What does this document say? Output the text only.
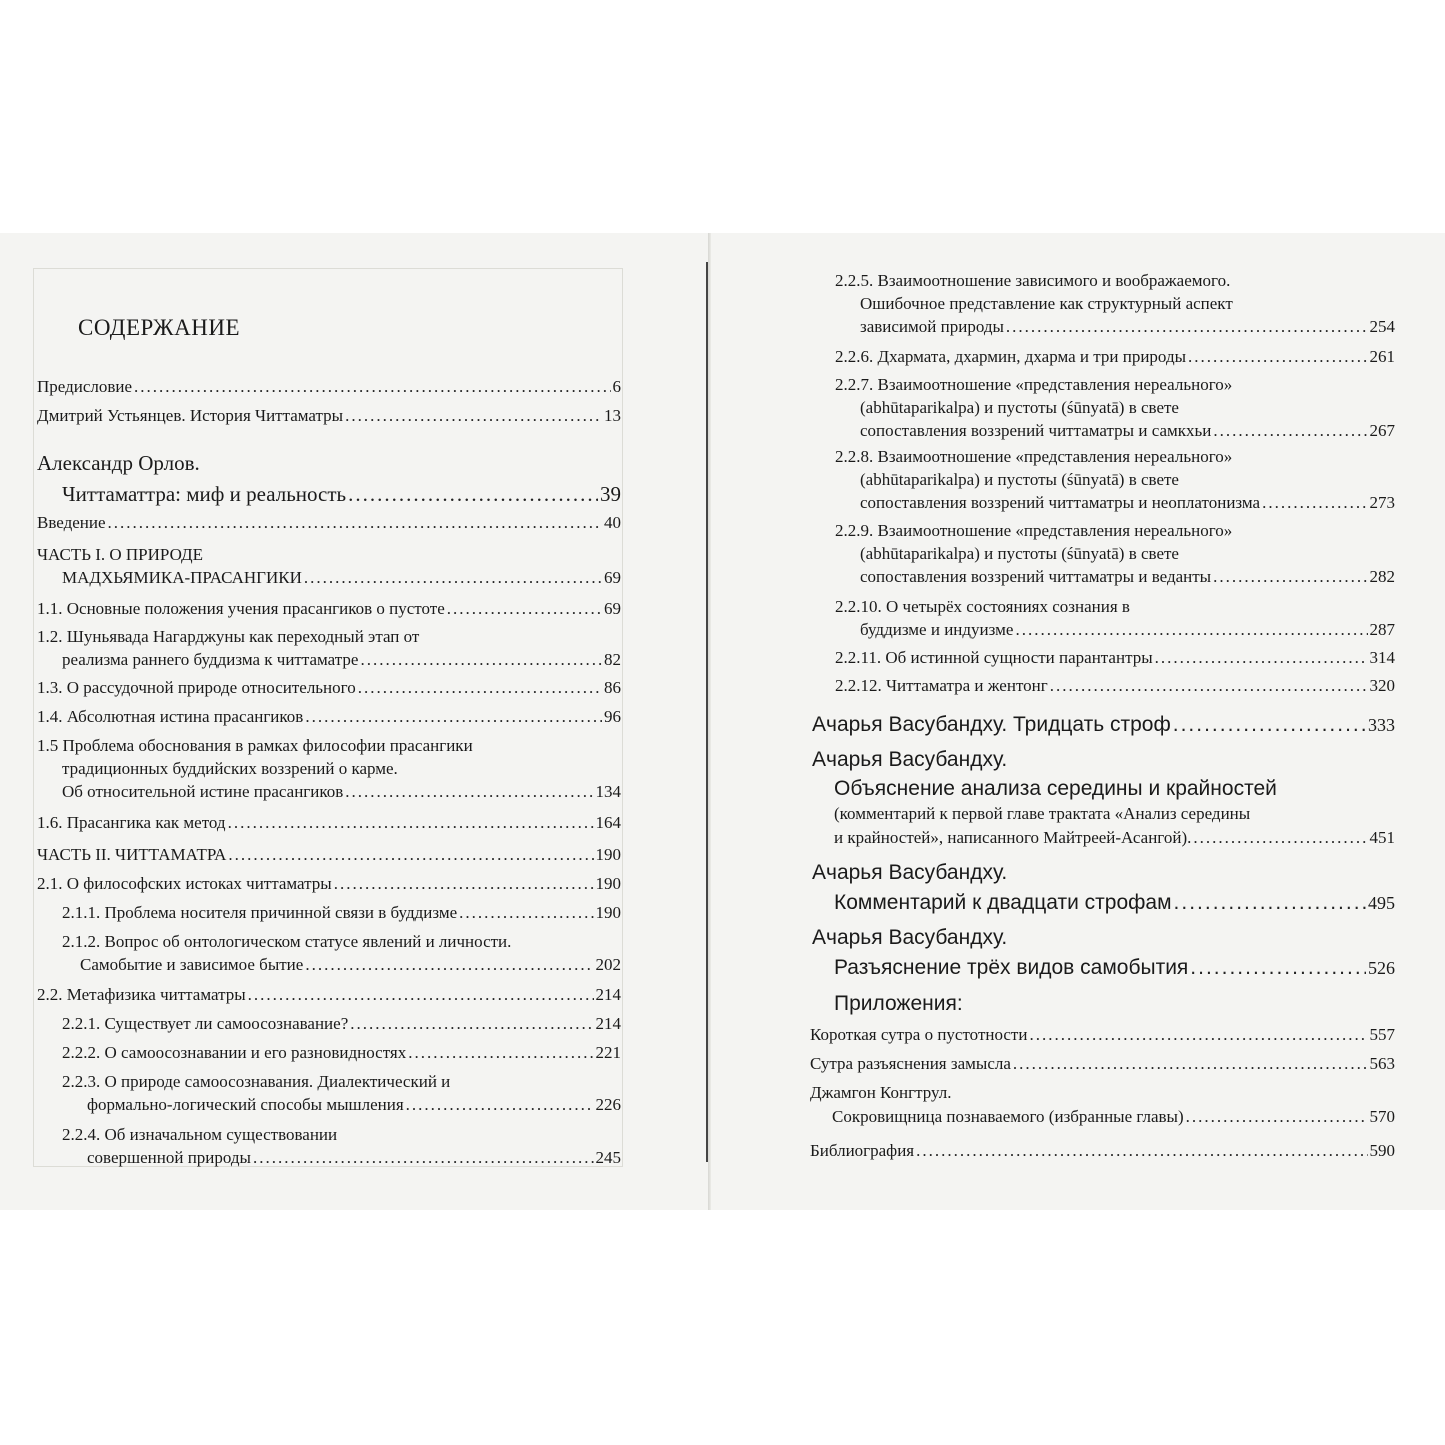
СОДЕРЖАНИЕ
Предисловие .....	6
Дмитрий Устьянцев. История Читтаматры .....	13
Александр Орлов.
Читтаматтра: миф и реальность .....	39
Введение .....	40
ЧАСТЬ I. О ПРИРОДЕ
МАДХЬЯМИКА-ПРАСАНГИКИ .....	69
1.1. Основные положения учения прасангиков о пустоте .....	69
1.2. Шуньявада Нагарджуны как переходный этап от
реализма раннего буддизма к читтаматре .....	82
1.3. О рассудочной природе относительного .....	86
1.4. Абсолютная истина прасангиков .....	96
1.5 Проблема обоснования в рамках философии прасангики
традиционных буддийских воззрений о карме.
Об относительной истине прасангиков .....	134
1.6. Прасангика как метод .....	164
ЧАСТЬ II. ЧИТТАМАТРА .....	190
2.1. О философских истоках читтаматры .....	190
2.1.1. Проблема носителя причинной связи в буддизме .....	190
2.1.2. Вопрос об онтологическом статусе явлений и личности.
Самобытие и зависимое бытие .....	202
2.2. Метафизика читтаматры .....	214
2.2.1. Существует ли самоосознавание? .....	214
2.2.2. О самоосознавании и его разновидностях .....	221
2.2.3. О природе самоосознавания. Диалектический и
формально-логический способы мышления .....	226
2.2.4. Об изначальном существовании
совершенной природы .....	245
2.2.5. Взаимоотношение зависимого и воображаемого.
Ошибочное представление как структурный аспект
зависимой природы .....	254
2.2.6. Дхармата, дхармин, дхарма и три природы .....	261
2.2.7. Взаимоотношение «представления нереального»
(abhūtaparikalpa) и пустоты (śūnyatā) в свете
сопоставления воззрений читтаматры и самкхьи .....	267
2.2.8. Взаимоотношение «представления нереального»
(abhūtaparikalpa) и пустоты (śūnyatā) в свете
сопоставления воззрений читтаматры и неоплатонизма .....	273
2.2.9. Взаимоотношение «представления нереального»
(abhūtaparikalpa) и пустоты (śūnyatā) в свете
сопоставления воззрений читтаматры и веданты .....	282
2.2.10. О четырёх состояниях сознания в
буддизме и индуизме .....	287
2.2.11. Об истинной сущности парантантры .....	314
2.2.12. Читтаматра и жентонг .....	320
Ачарья Васубандху. Тридцать строф .....	333
Ачарья Васубандху.
Объяснение анализа середины и крайностей
(комментарий к первой главе трактата «Анализ середины
и крайностей», написанного Майтреей-Асангой). .....	451
Ачарья Васубандху.
Комментарий к двадцати строфам .....	495
Ачарья Васубандху.
Разъяснение трёх видов самобытия .....	526
Приложения:
Короткая сутра о пустотности .....	557
Сутра разъяснения замысла .....	563
Джамгон Конгтрул.
Сокровищница познаваемого (избранные главы) .....	570
Библиография .....	590
